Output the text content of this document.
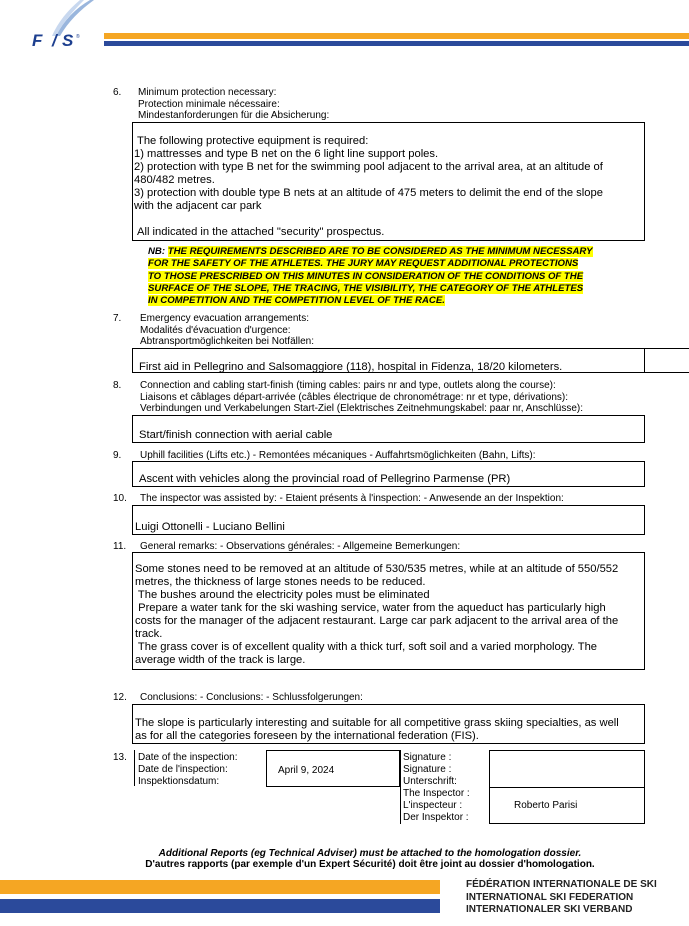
F / S ®
6. Minimum protection necessary:
Protection minimale nécessaire:
Mindestanforderungen für die Absicherung:
The following protective equipment is required:
1) mattresses and type B net on the 6 light line support poles.
2) protection with type B net for the swimming pool adjacent to the arrival area, at an altitude of
480/482 metres.
3) protection with double type B nets at an altitude of 475 meters to delimit the end of the slope
with the adjacent car park
All indicated in the attached "security" prospectus.
NB: THE REQUIREMENTS DESCRIBED ARE TO BE CONSIDERED AS THE MINIMUM NECESSARY
FOR THE SAFETY OF THE ATHLETES. THE JURY MAY REQUEST ADDITIONAL PROTECTIONS
TO THOSE PRESCRIBED ON THIS MINUTES IN CONSIDERATION OF THE CONDITIONS OF THE
SURFACE OF THE SLOPE, THE TRACING, THE VISIBILITY, THE CATEGORY OF THE ATHLETES
IN COMPETITION AND THE COMPETITION LEVEL OF THE RACE.
7. Emergency evacuation arrangements:
Modalités d'évacuation d'urgence:
Abtransportmöglichkeiten bei Notfällen:
First aid in Pellegrino and Salsomaggiore (118), hospital in Fidenza, 18/20 kilometers.
8. Connection and cabling start-finish (timing cables: pairs nr and type, outlets along the course):
Liaisons et câblages départ-arrivée (câbles électrique de chronométrage: nr et type, dérivations):
Verbindungen und Verkabelungen Start-Ziel (Elektrisches Zeitnehmungskabel: paar nr, Anschlüsse):
Start/finish connection with aerial cable
9. Uphill facilities (Lifts etc.) - Remontées mécaniques - Auffahrtsmöglichkeiten (Bahn, Lifts):
Ascent with vehicles along the provincial road of Pellegrino Parmense (PR)
10. The inspector was assisted by: - Etaient présents à l'inspection: - Anwesende an der Inspektion:
Luigi Ottonelli - Luciano Bellini
11. General remarks: - Observations générales: - Allgemeine Bemerkungen:
Some stones need to be removed at an altitude of 530/535 metres, while at an altitude of 550/552
metres, the thickness of large stones needs to be reduced.
The bushes around the electricity poles must be eliminated
Prepare a water tank for the ski washing service, water from the aqueduct has particularly high
costs for the manager of the adjacent restaurant. Large car park adjacent to the arrival area of the
track.
The grass cover is of excellent quality with a thick turf, soft soil and a varied morphology. The
average width of the track is large.
12. Conclusions: - Conclusions: - Schlussfolgerungen:
The slope is particularly interesting and suitable for all competitive grass skiing specialties, as well
as for all the categories foreseen by the international federation (FIS).
13. Date of the inspection:
Date de l'inspection:
Inspektionsdatum:
April 9, 2024
Signature :
Signature :
Unterschrift:
The Inspector :
L'inspecteur :
Der Inspektor :
Roberto Parisi
Additional Reports (eg Technical Adviser) must be attached to the homologation dossier.
D'autres rapports (par exemple d'un Expert Sécurité) doit être joint au dossier d'homologation.
FÉDÉRATION INTERNATIONALE DE SKI
INTERNATIONAL SKI FEDERATION
INTERNATIONALER SKI VERBAND
